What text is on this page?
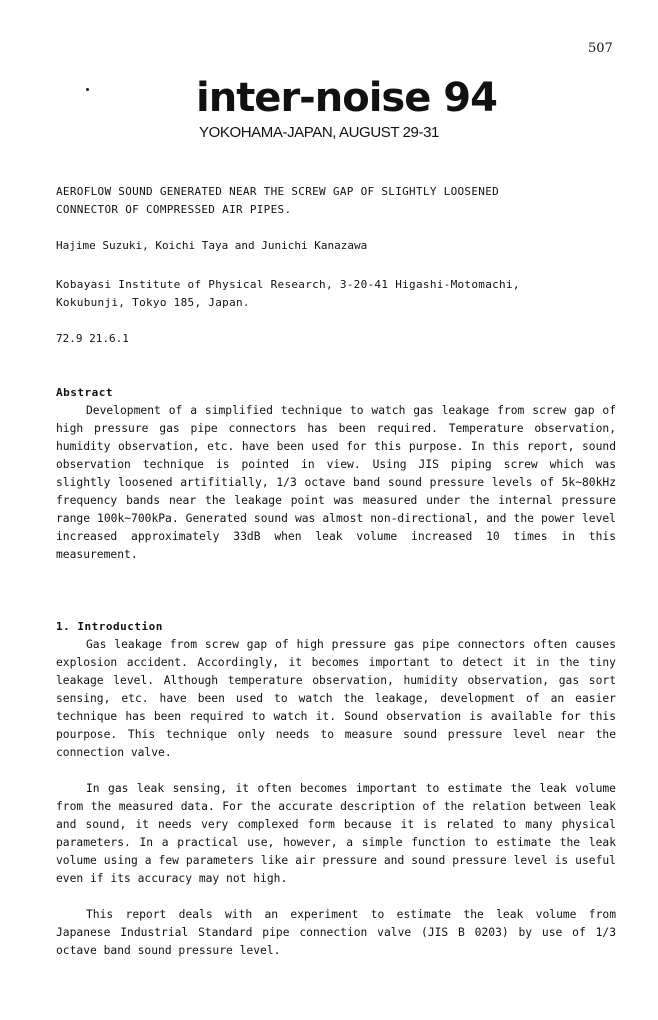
507
inter-noise 94
YOKOHAMA-JAPAN, AUGUST 29-31
AEROFLOW SOUND GENERATED NEAR THE SCREW GAP OF SLIGHTLY LOOSENED
CONNECTOR OF COMPRESSED AIR PIPES.
Hajime Suzuki, Koichi Taya and Junichi Kanazawa
Kobayasi Institute of Physical Research, 3-20-41 Higashi-Motomachi,
Kokubunji, Tokyo 185, Japan.
72.9 21.6.1
Abstract

Development of a simplified technique to watch gas leakage from screw gap of high pressure gas pipe connectors has been required. Temperature observation, humidity observation, etc. have been used for this purpose. In this report, sound observation technique is pointed in view. Using JIS piping screw which was slightly loosened artifitially, 1/3 octave band sound pressure levels of 5k~80kHz frequency bands near the leakage point was measured under the internal pressure range 100k~700kPa. Generated sound was almost non-directional, and the power level increased approximately 33dB when leak volume increased 10 times in this measurement.

1. Introduction

Gas leakage from screw gap of high pressure gas pipe connectors often causes explosion accident. Accordingly, it becomes important to detect it in the tiny leakage level. Although temperature observation, humidity observation, gas sort sensing, etc. have been used to watch the leakage, development of an easier technique has been required to watch it. Sound observation is available for this pourpose. This technique only needs to measure sound pressure level near the connection valve.

In gas leak sensing, it often becomes important to estimate the leak volume from the measured data. For the accurate description of the relation between leak and sound, it needs very complexed form because it is related to many physical parameters. In a practical use, however, a simple function to estimate the leak volume using a few parameters like air pressure and sound pressure level is useful even if its accuracy may not high.

This report deals with an experiment to estimate the leak volume from Japanese Industrial Standard pipe connection valve (JIS B 0203) by use of 1/3 octave band sound pressure level.
